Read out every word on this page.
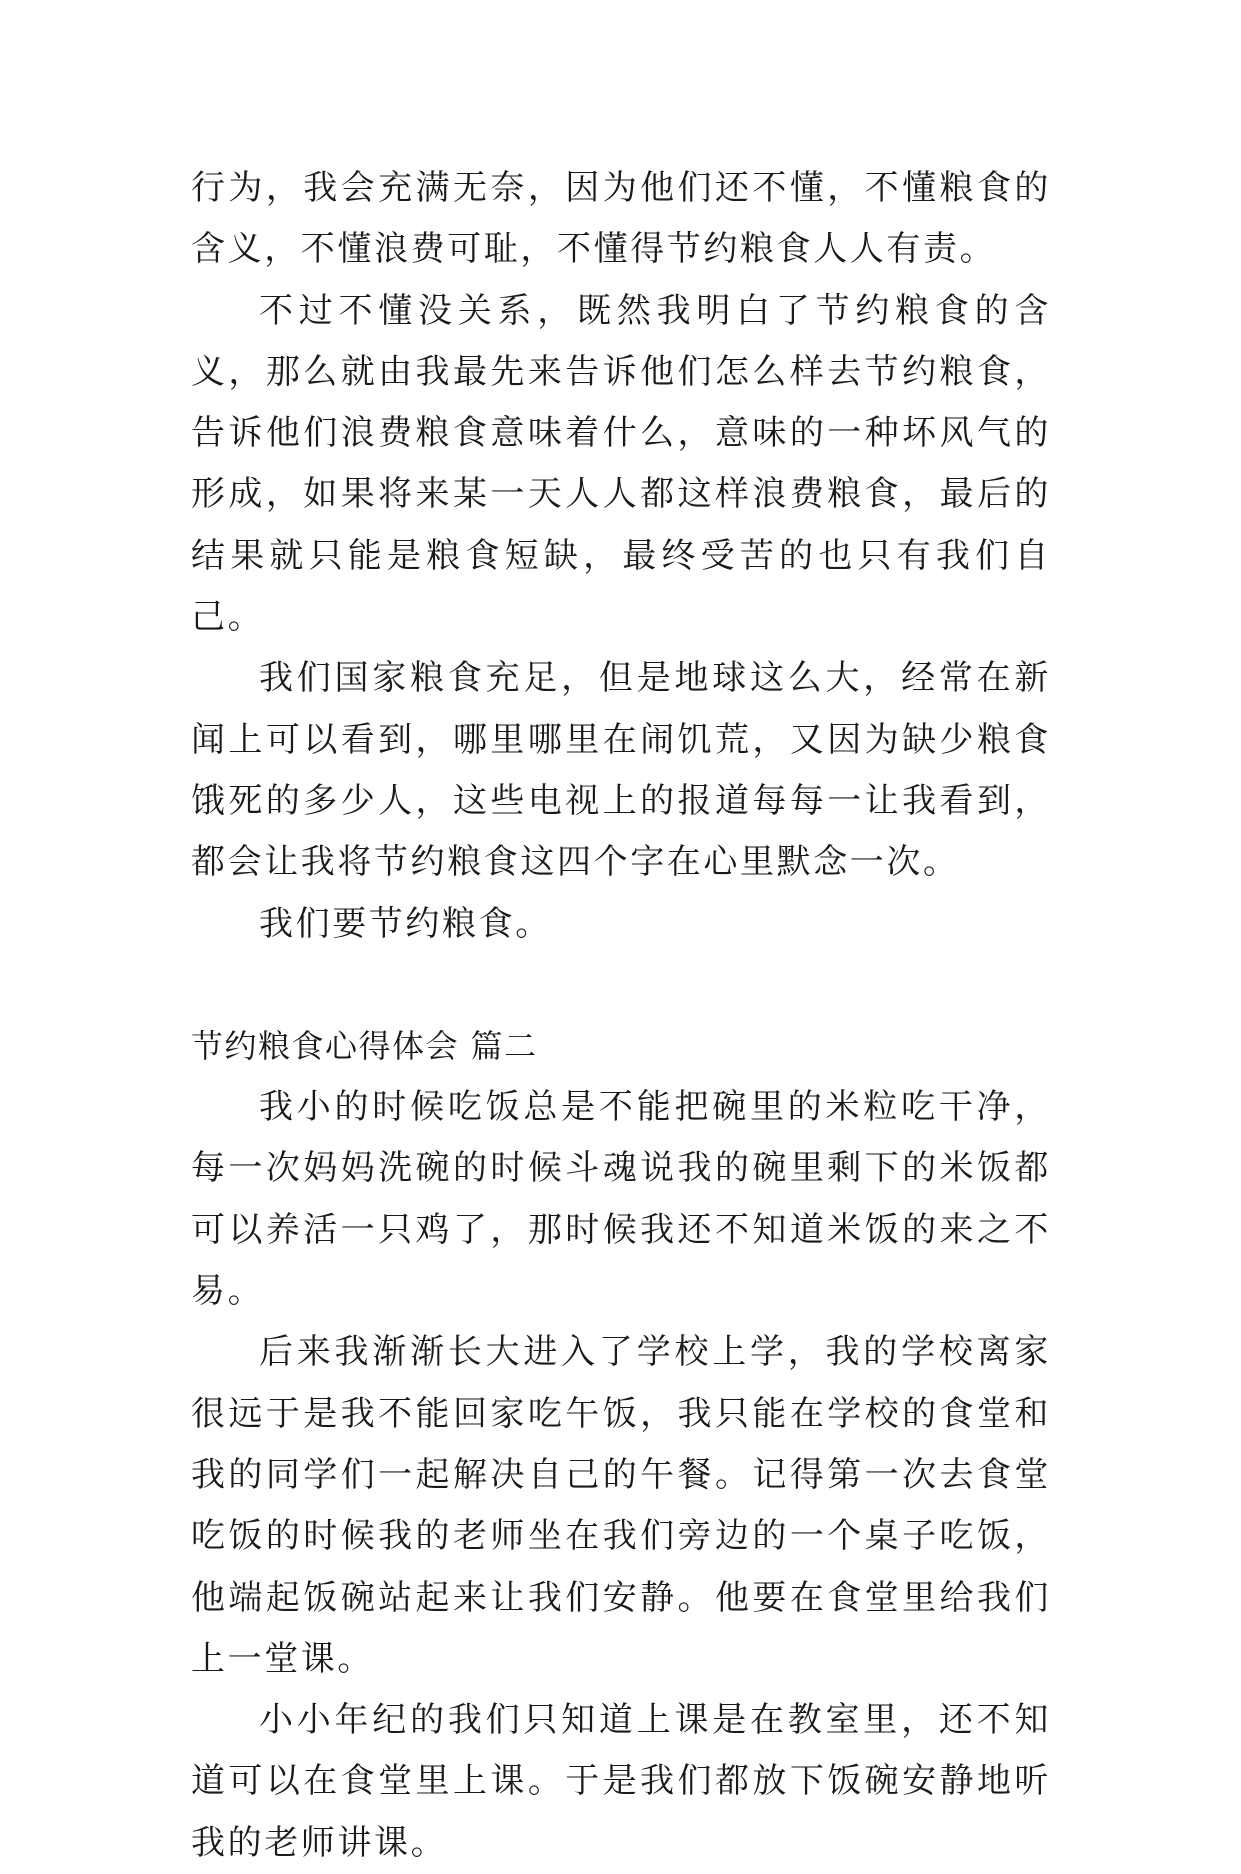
行为，我会充满无奈，因为他们还不懂，不懂粮食的含义，不懂浪费可耻，不懂得节约粮食人人有责。

不过不懂没关系，既然我明白了节约粮食的含义，那么就由我最先来告诉他们怎么样去节约粮食，告诉他们浪费粮食意味着什么，意味的一种坏风气的形成，如果将来某一天人人都这样浪费粮食，最后的结果就只能是粮食短缺，最终受苦的也只有我们自己。

我们国家粮食充足，但是地球这么大，经常在新闻上可以看到，哪里哪里在闹饥荒，又因为缺少粮食饿死的多少人，这些电视上的报道每每一让我看到，都会让我将节约粮食这四个字在心里默念一次。

我们要节约粮食。

节约粮食心得体会 篇二

我小的时候吃饭总是不能把碗里的米粒吃干净，每一次妈妈洗碗的时候斗魂说我的碗里剩下的米饭都可以养活一只鸡了，那时候我还不知道米饭的来之不易。

后来我渐渐长大进入了学校上学，我的学校离家很远于是我不能回家吃午饭，我只能在学校的食堂和我的同学们一起解决自己的午餐。记得第一次去食堂吃饭的时候我的老师坐在我们旁边的一个桌子吃饭，他端起饭碗站起来让我们安静。他要在食堂里给我们上一堂课。

小小年纪的我们只知道上课是在教室里，还不知道可以在食堂里上课。于是我们都放下饭碗安静地听我的老师讲课。
